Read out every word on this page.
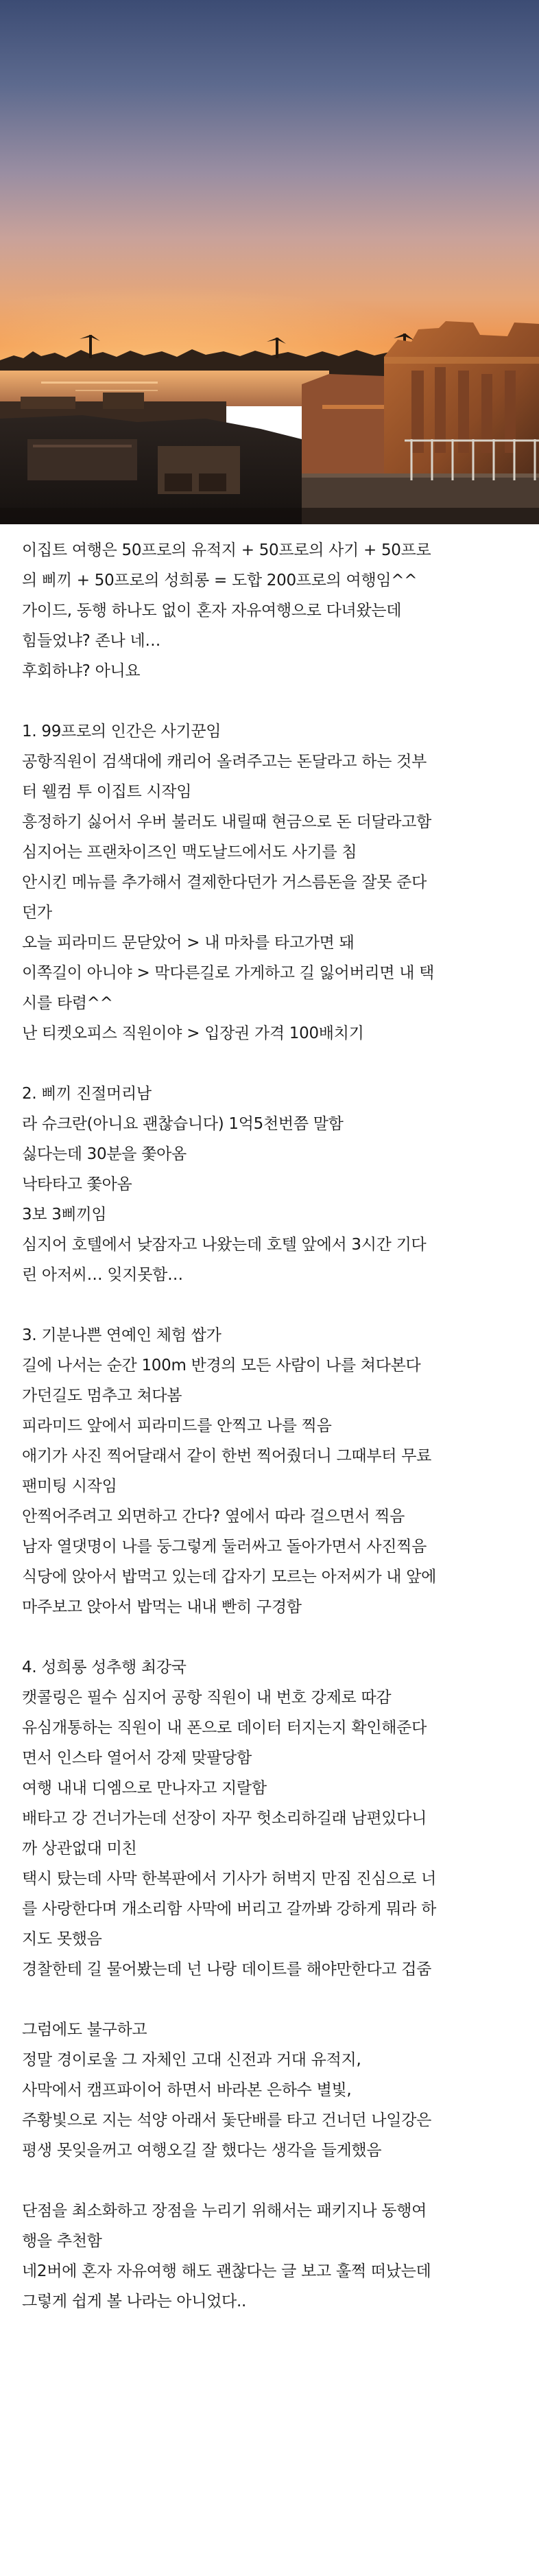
이집트 여행은 50프로의 유적지 + 50프로의 사기 + 50프로
의 삐끼 + 50프로의 성희롱 = 도합 200프로의 여행임^^
가이드, 동행 하나도 없이 혼자 자유여행으로 다녀왔는데
힘들었냐? 존나 네…
후회하냐? 아니요
1. 99프로의 인간은 사기꾼임
공항직원이 검색대에 캐리어 올려주고는 돈달라고 하는 것부
터 웰컴 투 이집트 시작임
흥정하기 싫어서 우버 불러도 내릴때 현금으로 돈 더달라고함
심지어는 프랜차이즈인 맥도날드에서도 사기를 침
안시킨 메뉴를 추가해서 결제한다던가 거스름돈을 잘못 준다
던가
오늘 피라미드 문닫았어 > 내 마차를 타고가면 돼
이쪽길이 아니야 > 막다른길로 가게하고 길 잃어버리면 내 택
시를 타렴^^
난 티켓오피스 직원이야 > 입장권 가격 100배치기
2. 삐끼 진절머리남
라 슈크란(아니요 괜찮습니다) 1억5천번쯤 말함
싫다는데 30분을 쫓아옴
낙타타고 쫓아옴
3보 3삐끼임
심지어 호텔에서 낮잠자고 나왔는데 호텔 앞에서 3시간 기다
린 아저씨… 잊지못함…
3. 기분나쁜 연예인 체험 쌉가
길에 나서는 순간 100m 반경의 모든 사람이 나를 쳐다본다
가던길도 멈추고 쳐다봄
피라미드 앞에서 피라미드를 안찍고 나를 찍음
애기가 사진 찍어달래서 같이 한번 찍어줬더니 그때부터 무료
팬미팅 시작임
안찍어주려고 외면하고 간다? 옆에서 따라 걸으면서 찍음
남자 열댓명이 나를 둥그렇게 둘러싸고 돌아가면서 사진찍음
식당에 앉아서 밥먹고 있는데 갑자기 모르는 아저씨가 내 앞에
마주보고 앉아서 밥먹는 내내 빤히 구경함
4. 성희롱 성추행 최강국
캣콜링은 필수 심지어 공항 직원이 내 번호 강제로 따감
유심개통하는 직원이 내 폰으로 데이터 터지는지 확인해준다
면서 인스타 열어서 강제 맞팔당함
여행 내내 디엠으로 만나자고 지랄함
배타고 강 건너가는데 선장이 자꾸 헛소리하길래 남편있다니
까 상관없대 미친
택시 탔는데 사막 한복판에서 기사가 허벅지 만짐 진심으로 너
를 사랑한다며 개소리함 사막에 버리고 갈까봐 강하게 뭐라 하
지도 못했음
경찰한테 길 물어봤는데 넌 나랑 데이트를 해야만한다고 겁줌
그럼에도 불구하고
정말 경이로울 그 자체인 고대 신전과 거대 유적지,
사막에서 캠프파이어 하면서 바라본 은하수 별빛,
주황빛으로 지는 석양 아래서 돛단배를 타고 건너던 나일강은
평생 못잊을꺼고 여행오길 잘 했다는 생각을 들게했음
단점을 최소화하고 장점을 누리기 위해서는 패키지나 동행여
행을 추천함
네2버에 혼자 자유여행 해도 괜찮다는 글 보고 훌쩍 떠났는데
그렇게 쉽게 볼 나라는 아니었다..
